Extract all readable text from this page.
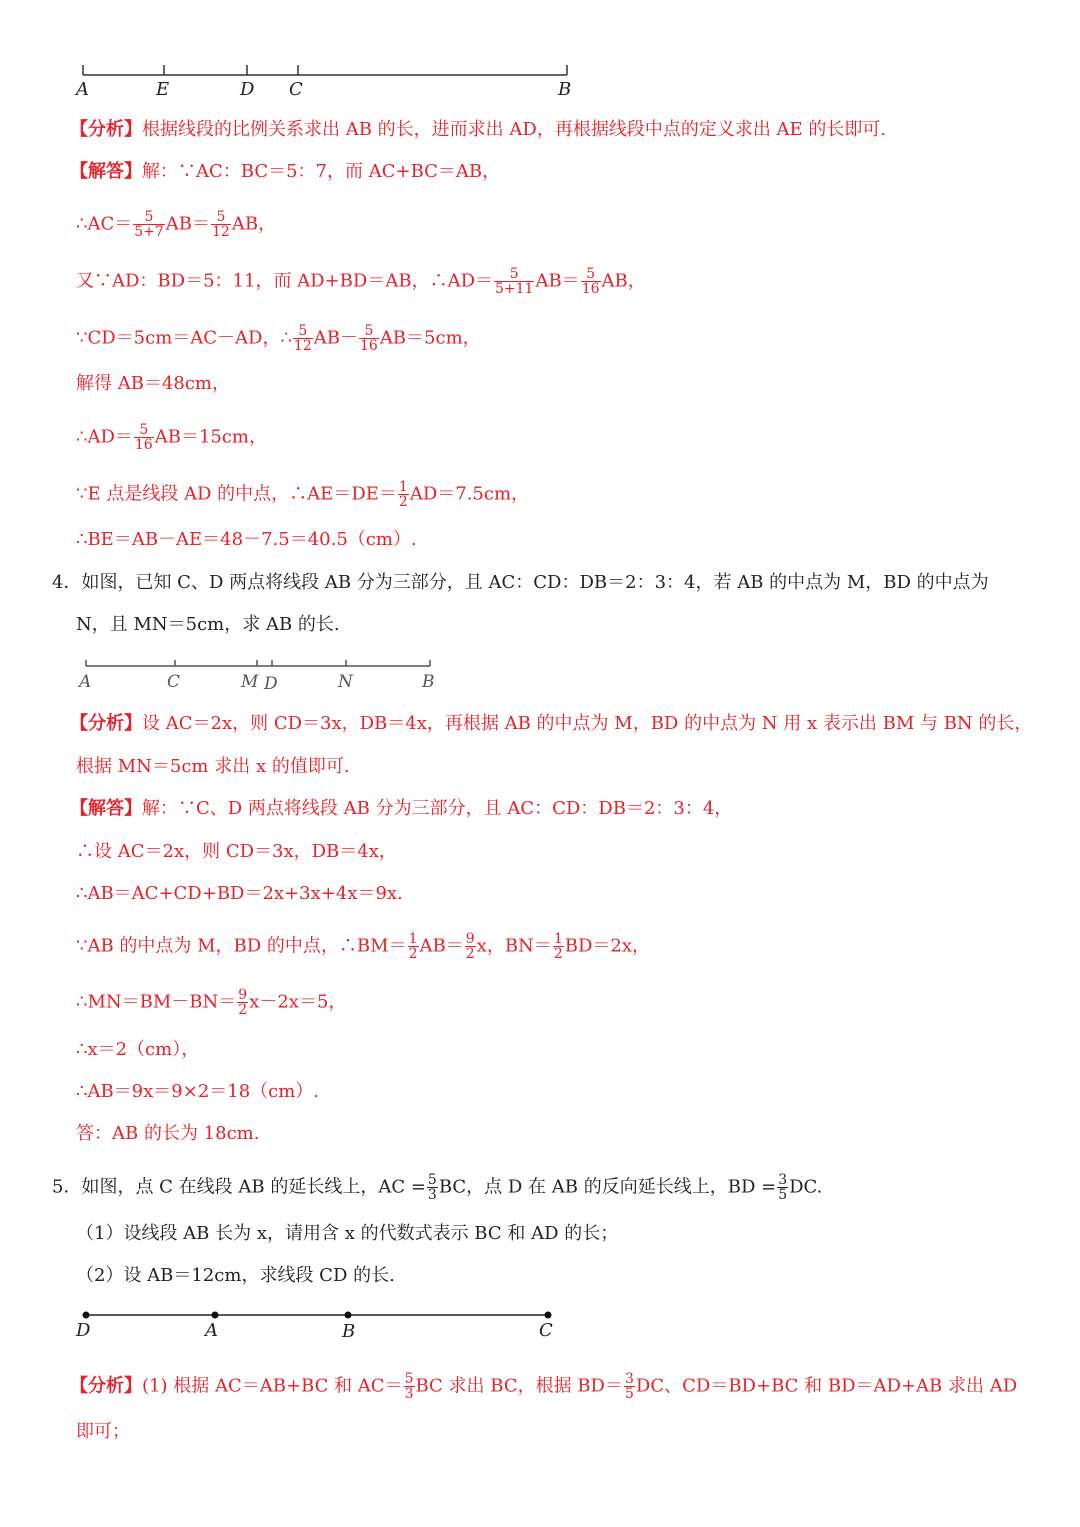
A	E	D C	B
【分析】根据线段的比例关系求出 AB 的长，进而求出 AD，再根据线段中点的定义求出 AE 的长即可.
【解答】解：∵AC：BC＝5：7，而 AC+BC＝AB，
∴AC＝ $\frac{5}{5+7} AB= \frac{5}{12}$ AB，
又∵AD：BD＝5：11，而 AD+BD＝AB，∴AD＝ $\frac{5}{5+11} AB= \frac{5}{16}$ AB，
∵CD＝5cm＝AC－AD，∴ $\frac{5}{12} AB- \frac{5}{16} AB=5cm$，
解得 AB＝48cm，
∴AD＝ $\frac{5}{16} AB=15cm$，
∵E 点是线段 AD 的中点，∴AE＝DE＝ $\frac{1}{2} AD=7.5cm$，
∴BE＝AB－AE＝48－7.5＝40.5（cm）.
4．如图，已知 C、D 两点将线段 AB 分为三部分，且 AC：CD：DB＝2：3：4，若 AB 的中点为 M，BD 的中点为
N，且 MN＝5cm，求 AB 的长.
A	C	M D	N	B
【分析】设 AC＝2x，则 CD＝3x，DB＝4x，再根据 AB 的中点为 M，BD 的中点为 N 用 x 表示出 BM 与 BN 的长，
根据 MN＝5cm 求出 x 的值即可.
【解答】解：∵C、D 两点将线段 AB 分为三部分，且 AC：CD：DB＝2：3：4，
∴设 AC＝2x，则 CD＝3x，DB＝4x，
∴AB＝AC+CD+BD＝2x+3x+4x＝9x.
∵AB 的中点为 M，BD 的中点，∴BM＝ $\frac{1}{2} AB= \frac{9}{2}$ x，$BN= \frac{1}{2} BD=2x$，
∴MN＝BM－BN＝ $\frac{9}{2} x-2x=5$，
∴x＝2（cm），
∴AB＝9x＝9×2＝18（cm）.
答：AB 的长为 18cm.
5．如图，点 C 在线段 AB 的延长线上，AC = $\frac{5}{3}$ BC，点 D 在 AB 的反向延长线上，BD = $\frac{3}{5}$ DC.
（1）设线段 AB 长为 x，请用含 x 的代数式表示 BC 和 AD 的长；
（2）设 AB＝12cm，求线段 CD 的长.
D	A	B	C
【分析】(1) 根据 AC＝AB+BC 和 $AC= \frac{5}{3}$ BC 求出 BC，根据 $BD= \frac{3}{5}$ DC、CD＝BD+BC 和 BD＝AD+AB 求出 AD
即可；
